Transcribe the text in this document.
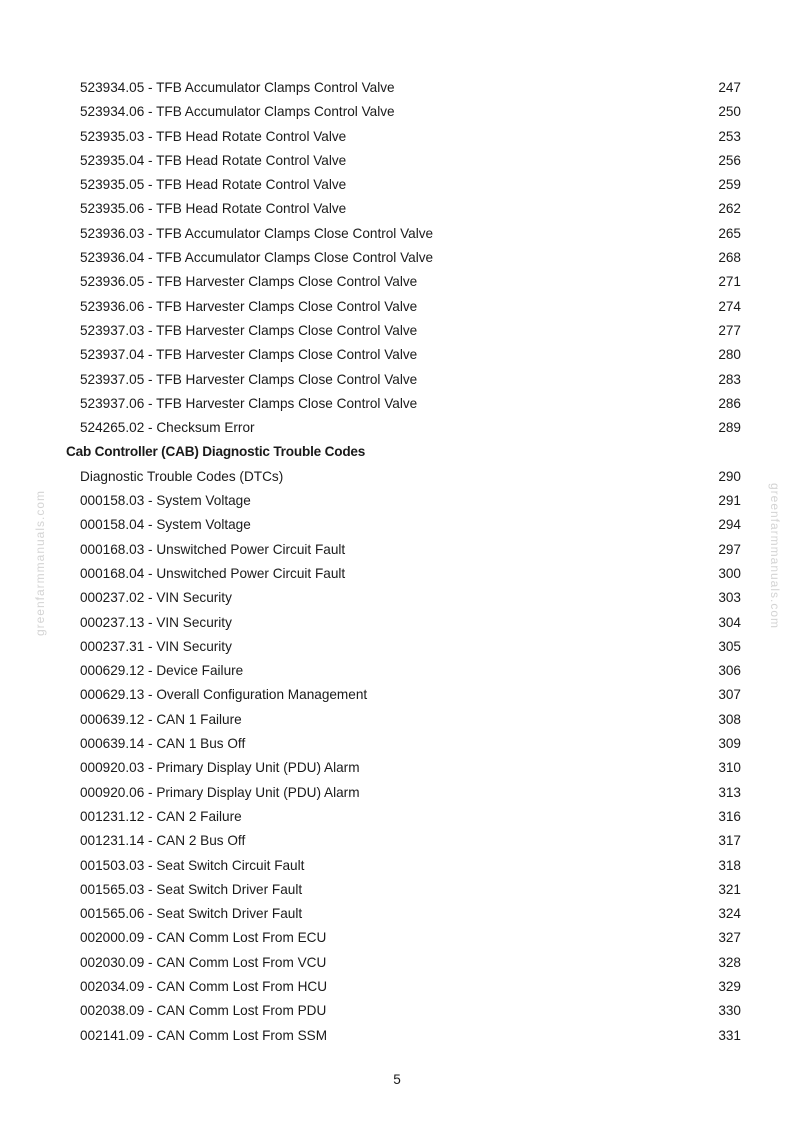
greenfarmmanuals.com	greenfarmmanuals.com
523934.05 - TFB Accumulator Clamps Control Valve	247
523934.06 - TFB Accumulator Clamps Control Valve	250
523935.03 - TFB Head Rotate Control Valve	253
523935.04 - TFB Head Rotate Control Valve	256
523935.05 - TFB Head Rotate Control Valve	259
523935.06 - TFB Head Rotate Control Valve	262
523936.03 - TFB Accumulator Clamps Close Control Valve	265
523936.04 - TFB Accumulator Clamps Close Control Valve	268
523936.05 - TFB Harvester Clamps Close Control Valve	271
523936.06 - TFB Harvester Clamps Close Control Valve	274
523937.03 - TFB Harvester Clamps Close Control Valve	277
523937.04 - TFB Harvester Clamps Close Control Valve	280
523937.05 - TFB Harvester Clamps Close Control Valve	283
523937.06 - TFB Harvester Clamps Close Control Valve	286
524265.02 - Checksum Error	289
Cab Controller (CAB) Diagnostic Trouble Codes
Diagnostic Trouble Codes (DTCs)	290
000158.03 - System Voltage	291
000158.04 - System Voltage	294
000168.03 - Unswitched Power Circuit Fault	297
000168.04 - Unswitched Power Circuit Fault	300
000237.02 - VIN Security	303
000237.13 - VIN Security	304
000237.31 - VIN Security	305
000629.12 - Device Failure	306
000629.13 - Overall Configuration Management	307
000639.12 - CAN 1 Failure	308
000639.14 - CAN 1 Bus Off	309
000920.03 - Primary Display Unit (PDU) Alarm	310
000920.06 - Primary Display Unit (PDU) Alarm	313
001231.12 - CAN 2 Failure	316
001231.14 - CAN 2 Bus Off	317
001503.03 - Seat Switch Circuit Fault	318
001565.03 - Seat Switch Driver Fault	321
001565.06 - Seat Switch Driver Fault	324
002000.09 - CAN Comm Lost From ECU	327
002030.09 - CAN Comm Lost From VCU	328
002034.09 - CAN Comm Lost From HCU	329
002038.09 - CAN Comm Lost From PDU	330
002141.09 - CAN Comm Lost From SSM	331
5
